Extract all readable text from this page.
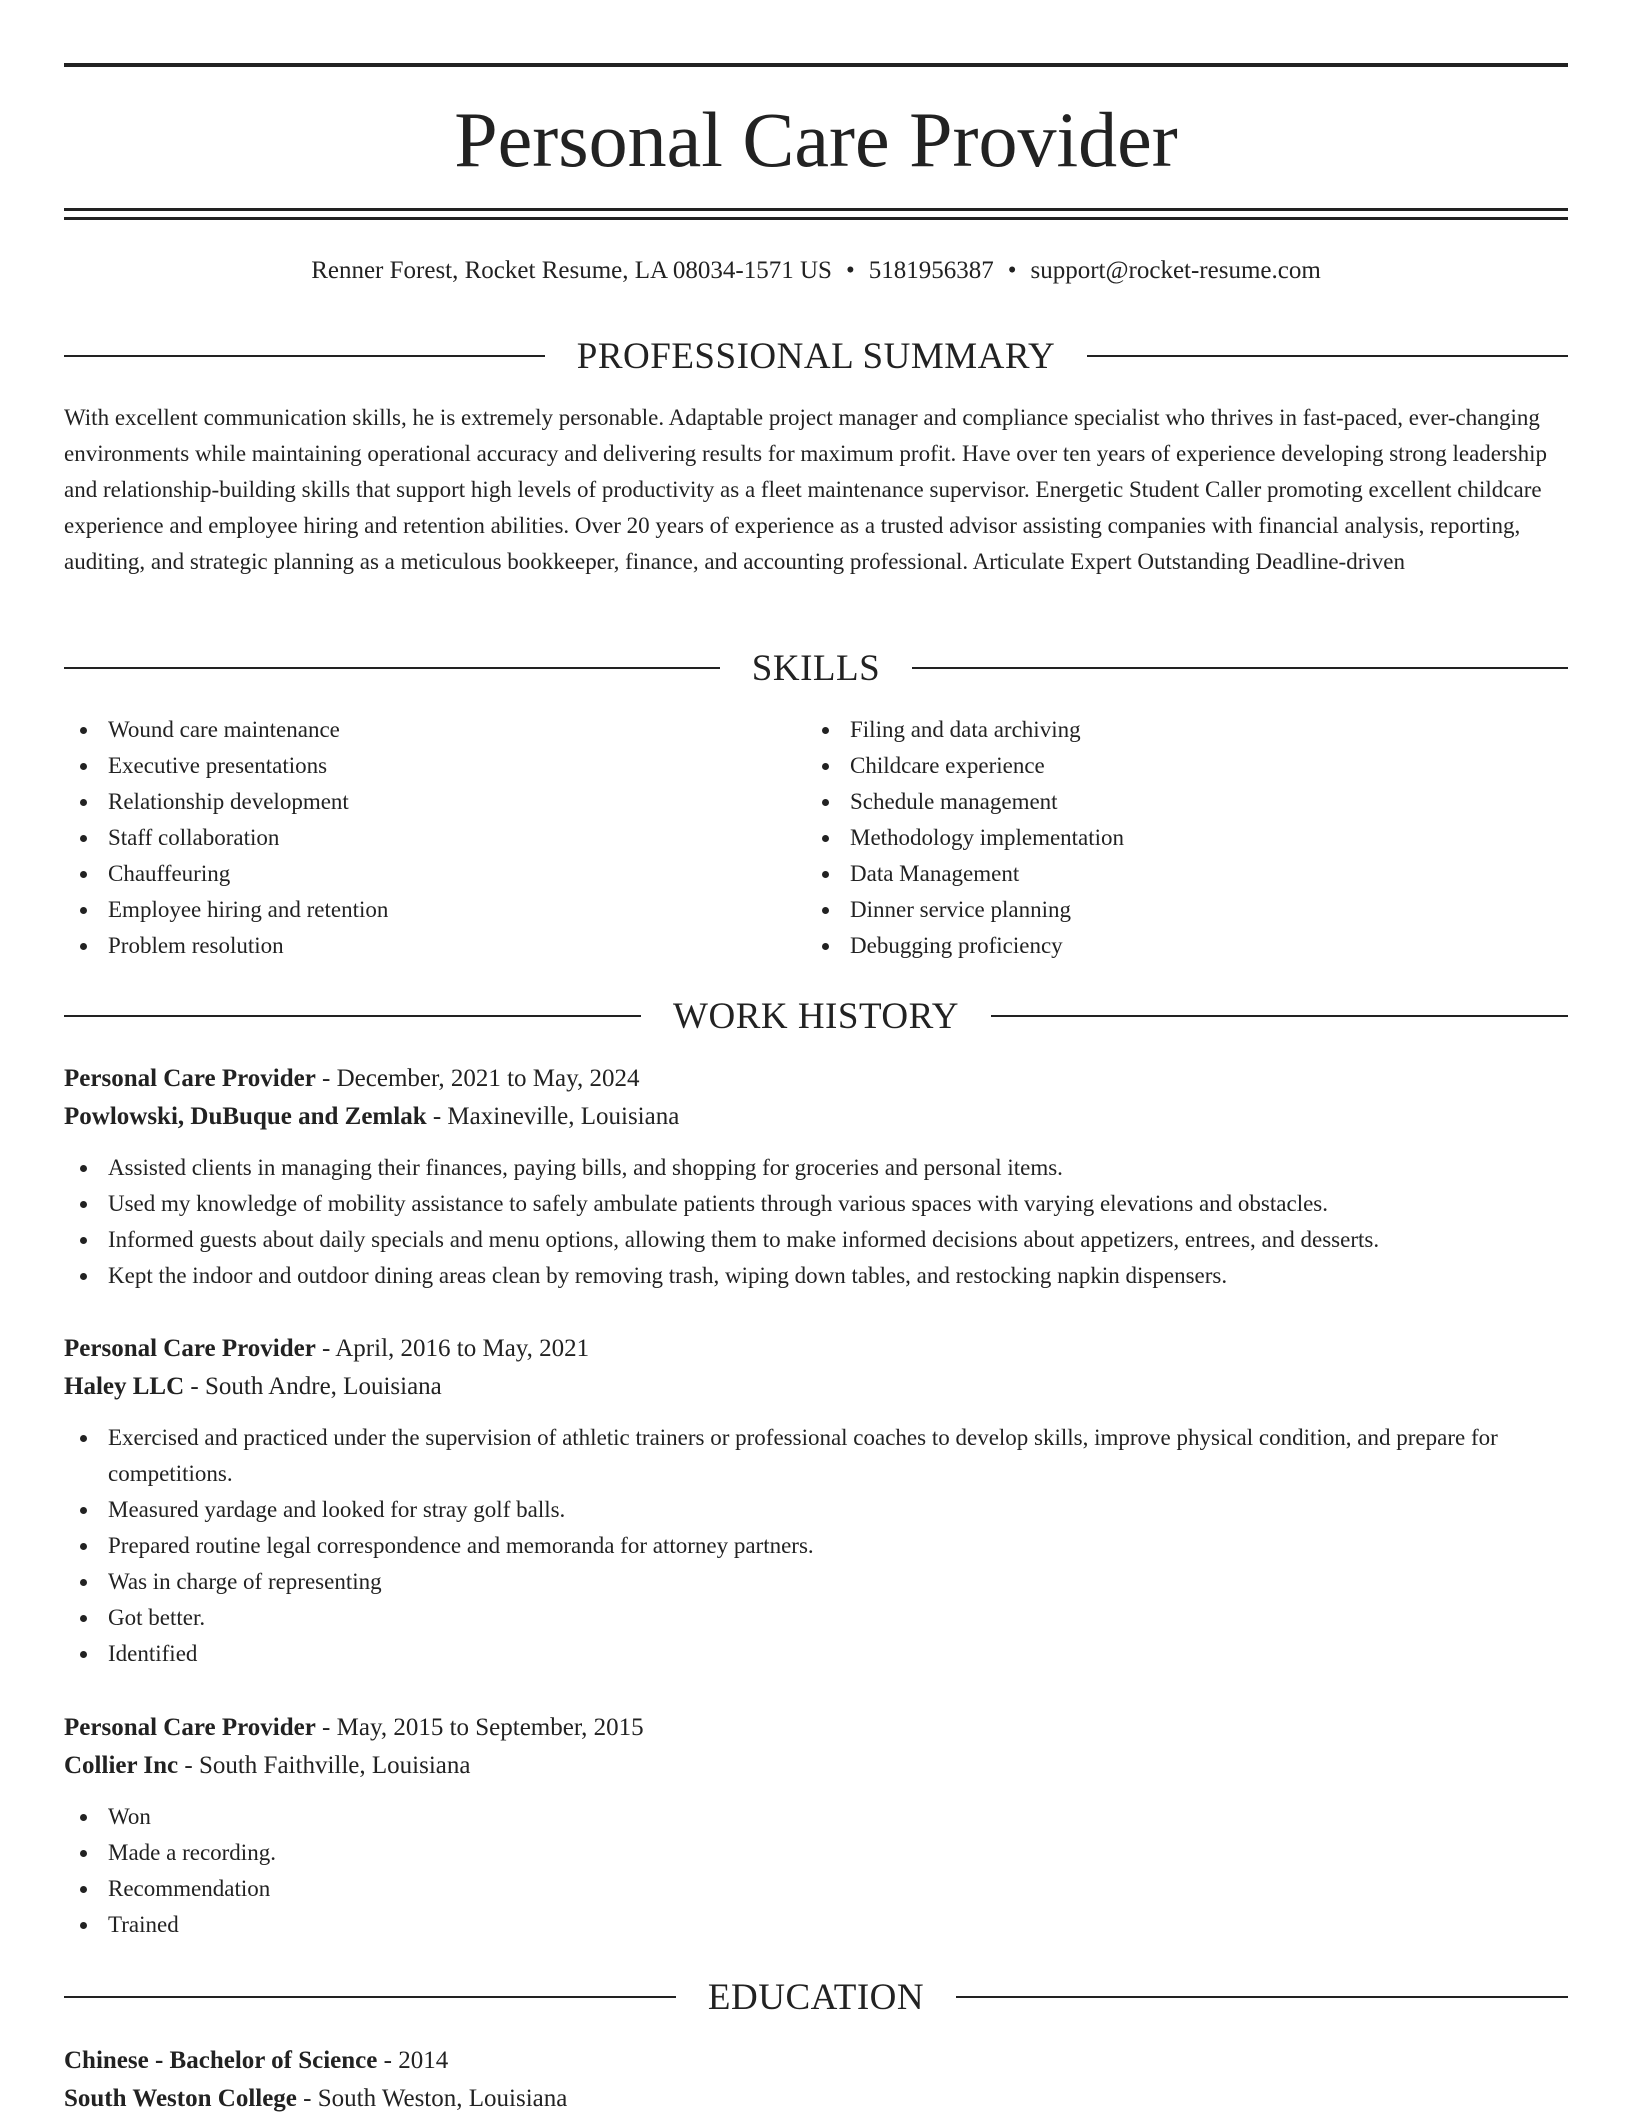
Personal Care Provider
Renner Forest, Rocket Resume, LA 08034-1571 US • 5181956387 • support@rocket-resume.com
PROFESSIONAL SUMMARY

With excellent communication skills, he is extremely personable. Adaptable project manager and compliance specialist who thrives in fast-paced, ever-changing environments while maintaining operational accuracy and delivering results for maximum profit. Have over ten years of experience developing strong leadership and relationship-building skills that support high levels of productivity as a fleet maintenance supervisor. Energetic Student Caller promoting excellent childcare experience and employee hiring and retention abilities. Over 20 years of experience as a trusted advisor assisting companies with financial analysis, reporting, auditing, and strategic planning as a meticulous bookkeeper, finance, and accounting professional. Articulate Expert Outstanding Deadline-driven

SKILLS
Wound care maintenance
Executive presentations
Relationship development
Staff collaboration
Chauffeuring
Employee hiring and retention
Problem resolution
Filing and data archiving
Childcare experience
Schedule management
Methodology implementation
Data Management
Dinner service planning
Debugging proficiency
WORK HISTORY
Personal Care Provider - December, 2021 to May, 2024
Powlowski, DuBuque and Zemlak - Maxineville, Louisiana
Assisted clients in managing their finances, paying bills, and shopping for groceries and personal items.
Used my knowledge of mobility assistance to safely ambulate patients through various spaces with varying elevations and obstacles.
Informed guests about daily specials and menu options, allowing them to make informed decisions about appetizers, entrees, and desserts.
Kept the indoor and outdoor dining areas clean by removing trash, wiping down tables, and restocking napkin dispensers.
Personal Care Provider - April, 2016 to May, 2021
Haley LLC - South Andre, Louisiana
Exercised and practiced under the supervision of athletic trainers or professional coaches to develop skills, improve physical condition, and prepare for competitions.
Measured yardage and looked for stray golf balls.
Prepared routine legal correspondence and memoranda for attorney partners.
Was in charge of representing
Got better.
Identified
Personal Care Provider - May, 2015 to September, 2015
Collier Inc - South Faithville, Louisiana
Won
Made a recording.
Recommendation
Trained
EDUCATION
Chinese - Bachelor of Science - 2014
South Weston College - South Weston, Louisiana
